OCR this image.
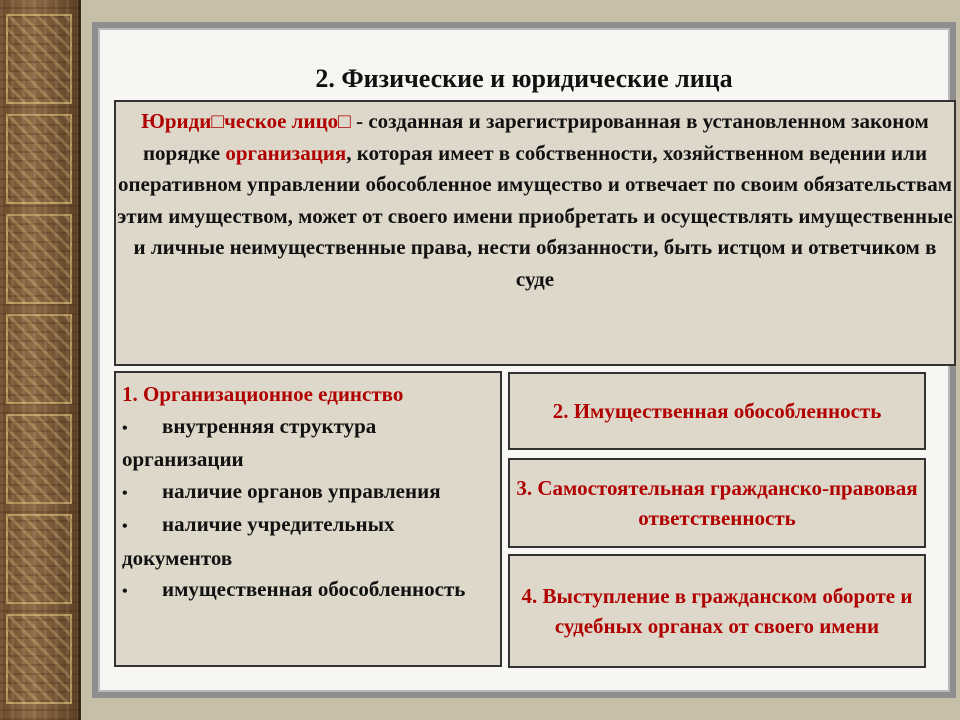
2. Физические и юридические лица
Юриди□ческое лицо□ - созданная и зарегистрированная в установленном законом порядке организация, которая имеет в собственности, хозяйственном ведении или оперативном управлении обособленное имущество и отвечает по своим обязательствам этим имуществом, может от своего имени приобретать и осуществлять имущественные и личные неимущественные права, нести обязанности, быть истцом и ответчиком в суде
1. Организационное единство
• внутренняя структура организации
• наличие органов управления
• наличие учредительных документов
• имущественная обособленность
2. Имущественная обособленность
3. Самостоятельная гражданско-правовая ответственность
4. Выступление в гражданском обороте и судебных органах от своего имени
